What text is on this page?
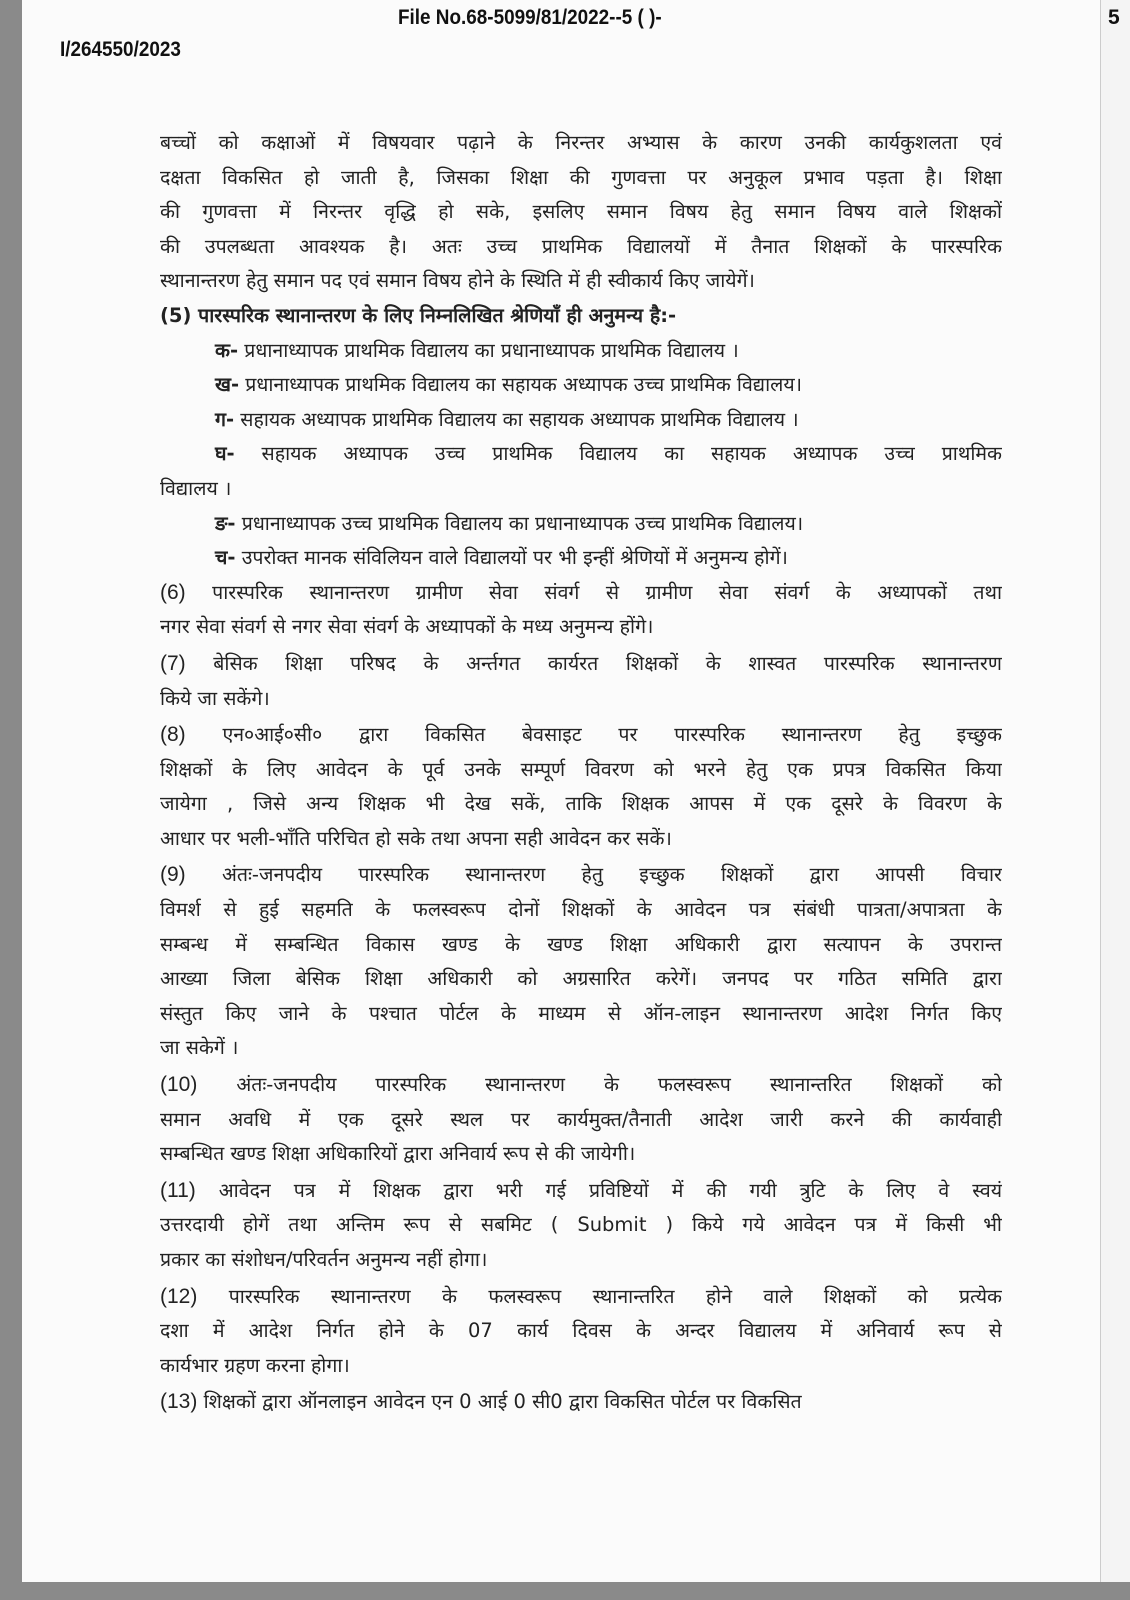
File No.68-5099/81/2022--5 ( )-	5
I/264550/2023
बच्चों को कक्षाओं में विषयवार पढ़ाने के निरन्तर अभ्यास के कारण उनकी कार्यकुशलता एवं
दक्षता विकसित हो जाती है, जिसका शिक्षा की गुणवत्ता पर अनुकूल प्रभाव पड़ता है। शिक्षा
की गुणवत्ता में निरन्तर वृद्धि हो सके, इसलिए समान विषय हेतु समान विषय वाले शिक्षकों
की उपलब्धता आवश्यक है। अतः उच्च प्राथमिक विद्यालयों में तैनात शिक्षकों के पारस्परिक
स्थानान्तरण हेतु समान पद एवं समान विषय होने के स्थिति में ही स्वीकार्य किए जायेगें।
(5) पारस्परिक स्थानान्तरण के लिए निम्नलिखित श्रेणियाँ ही अनुमन्य है:-
क- प्रधानाध्यापक प्राथमिक विद्यालय का प्रधानाध्यापक प्राथमिक विद्यालय ।
ख- प्रधानाध्यापक प्राथमिक विद्यालय का सहायक अध्यापक उच्च प्राथमिक विद्यालय।
ग- सहायक अध्यापक प्राथमिक विद्यालय का सहायक अध्यापक प्राथमिक विद्यालय ।
घ- सहायक अध्यापक उच्च प्राथमिक विद्यालय का सहायक अध्यापक उच्च प्राथमिक
विद्यालय ।
ङ- प्रधानाध्यापक उच्च प्राथमिक विद्यालय का प्रधानाध्यापक उच्च प्राथमिक विद्यालय।
च- उपरोक्त मानक संविलियन वाले विद्यालयों पर भी इन्हीं श्रेणियों में अनुमन्य होगें।
(6) पारस्परिक स्थानान्तरण ग्रामीण सेवा संवर्ग से ग्रामीण सेवा संवर्ग के अध्यापकों तथा
नगर सेवा संवर्ग से नगर सेवा संवर्ग के अध्यापकों के मध्य अनुमन्य होंगे।
(7) बेसिक शिक्षा परिषद के अर्न्तगत कार्यरत शिक्षकों के शास्वत पारस्परिक स्थानान्तरण
किये जा सकेंगे।
(8) एन०आई०सी० द्वारा विकसित बेवसाइट पर पारस्परिक स्थानान्तरण हेतु इच्छुक
शिक्षकों के लिए आवेदन के पूर्व उनके सम्पूर्ण विवरण को भरने हेतु एक प्रपत्र विकसित किया
जायेगा , जिसे अन्य शिक्षक भी देख सकें, ताकि शिक्षक आपस में एक दूसरे के विवरण के
आधार पर भली-भाँति परिचित हो सके तथा अपना सही आवेदन कर सकें।
(9) अंतः-जनपदीय पारस्परिक स्थानान्तरण हेतु इच्छुक शिक्षकों द्वारा आपसी विचार
विमर्श से हुई सहमति के फलस्वरूप दोनों शिक्षकों के आवेदन पत्र संबंधी पात्रता/अपात्रता के
सम्बन्ध में सम्बन्धित विकास खण्ड के खण्ड शिक्षा अधिकारी द्वारा सत्यापन के उपरान्त
आख्या जिला बेसिक शिक्षा अधिकारी को अग्रसारित करेगें। जनपद पर गठित समिति द्वारा
संस्तुत किए जाने के पश्चात पोर्टल के माध्यम से ऑन-लाइन स्थानान्तरण आदेश निर्गत किए
जा सकेगें ।
(10) अंतः-जनपदीय पारस्परिक स्थानान्तरण के फलस्वरूप स्थानान्तरित शिक्षकों को
समान अवधि में एक दूसरे स्थल पर कार्यमुक्त/तैनाती आदेश जारी करने की कार्यवाही
सम्बन्धित खण्ड शिक्षा अधिकारियों द्वारा अनिवार्य रूप से की जायेगी।
(11) आवेदन पत्र में शिक्षक द्वारा भरी गई प्रविष्टियों में की गयी त्रुटि के लिए वे स्वयं
उत्तरदायी होगें तथा अन्तिम रूप से सबमिट ( Submit ) किये गये आवेदन पत्र में किसी भी
प्रकार का संशोधन/परिवर्तन अनुमन्य नहीं होगा।
(12) पारस्परिक स्थानान्तरण के फलस्वरूप स्थानान्तरित होने वाले शिक्षकों को प्रत्येक
दशा में आदेश निर्गत होने के 07 कार्य दिवस के अन्दर विद्यालय में अनिवार्य रूप से
कार्यभार ग्रहण करना होगा।
(13) शिक्षकों द्वारा ऑनलाइन आवेदन एन 0 आई 0 सी0 द्वारा विकसित पोर्टल पर विकसित
